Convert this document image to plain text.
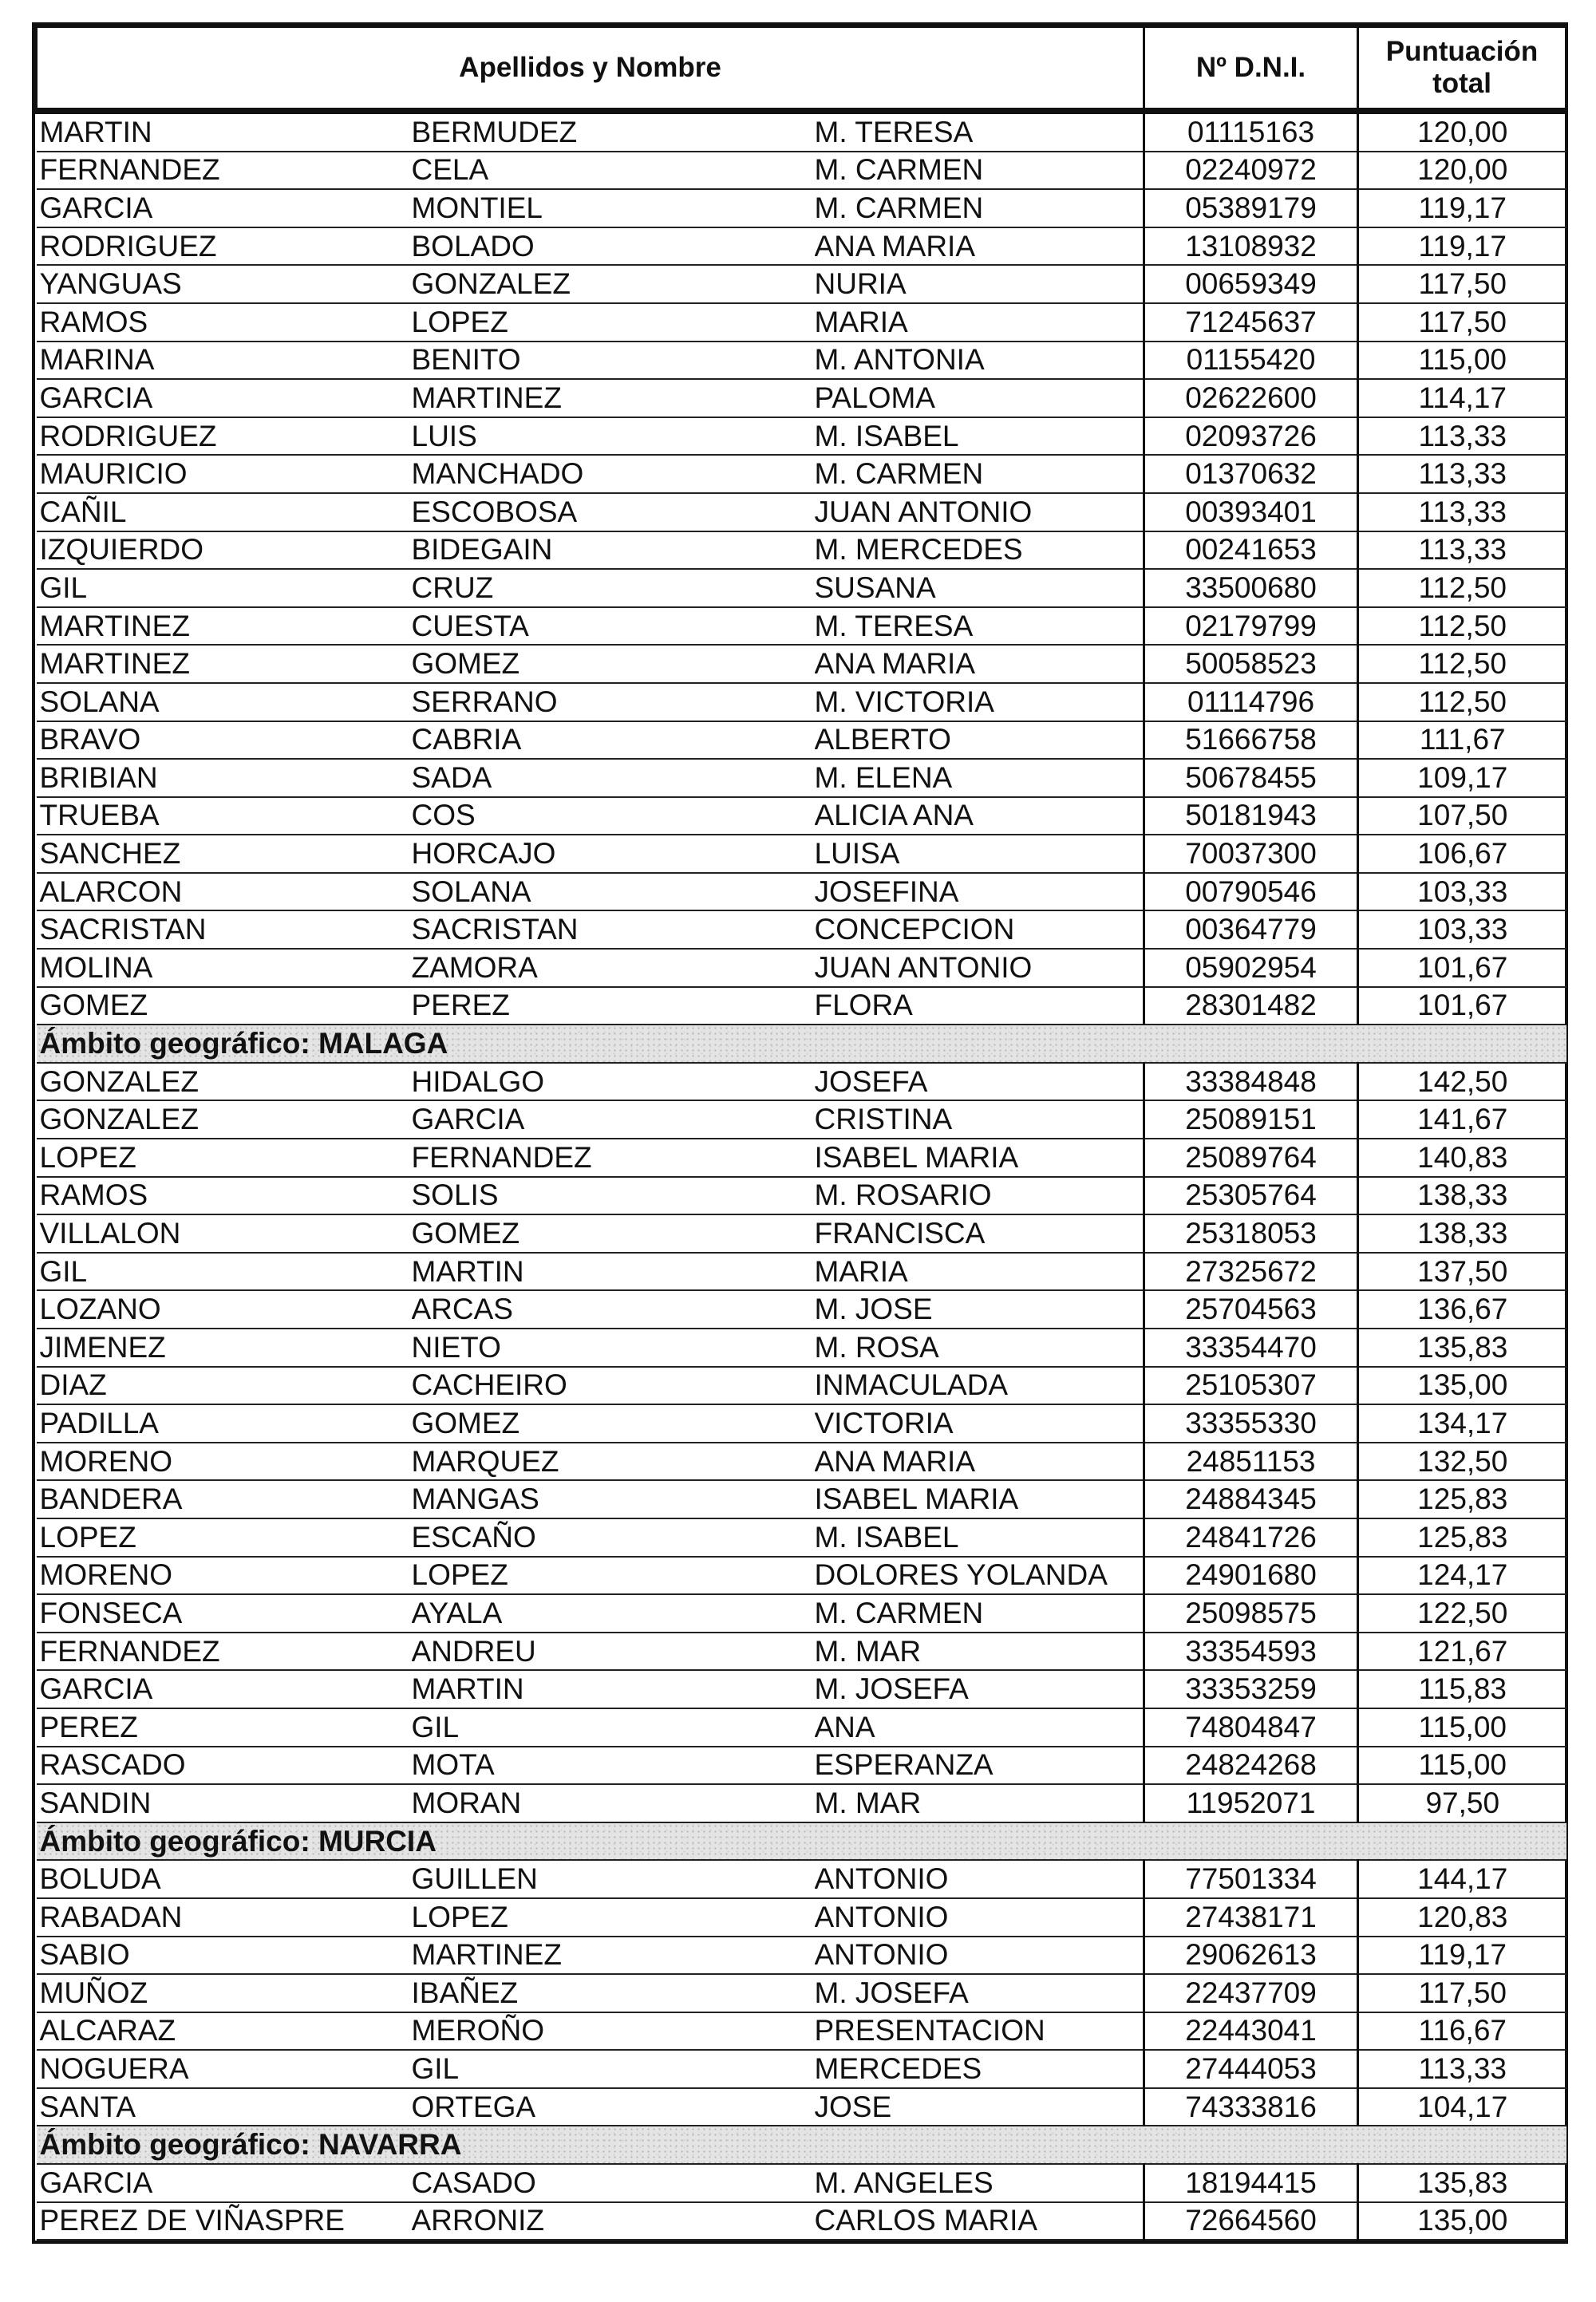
Apellidos y Nombre			Nº D.N.I.	Puntuación total
MARTIN	BERMUDEZ	M. TERESA	01115163	120,00
FERNANDEZ	CELA	M. CARMEN	02240972	120,00
GARCIA	MONTIEL	M. CARMEN	05389179	119,17
RODRIGUEZ	BOLADO	ANA MARIA	13108932	119,17
YANGUAS	GONZALEZ	NURIA	00659349	117,50
RAMOS	LOPEZ	MARIA	71245637	117,50
MARINA	BENITO	M. ANTONIA	01155420	115,00
GARCIA	MARTINEZ	PALOMA	02622600	114,17
RODRIGUEZ	LUIS	M. ISABEL	02093726	113,33
MAURICIO	MANCHADO	M. CARMEN	01370632	113,33
CAÑIL	ESCOBOSA	JUAN ANTONIO	00393401	113,33
IZQUIERDO	BIDEGAIN	M. MERCEDES	00241653	113,33
GIL	CRUZ	SUSANA	33500680	112,50
MARTINEZ	CUESTA	M. TERESA	02179799	112,50
MARTINEZ	GOMEZ	ANA MARIA	50058523	112,50
SOLANA	SERRANO	M. VICTORIA	01114796	112,50
BRAVO	CABRIA	ALBERTO	51666758	111,67
BRIBIAN	SADA	M. ELENA	50678455	109,17
TRUEBA	COS	ALICIA ANA	50181943	107,50
SANCHEZ	HORCAJO	LUISA	70037300	106,67
ALARCON	SOLANA	JOSEFINA	00790546	103,33
SACRISTAN	SACRISTAN	CONCEPCION	00364779	103,33
MOLINA	ZAMORA	JUAN ANTONIO	05902954	101,67
GOMEZ	PEREZ	FLORA	28301482	101,67
Ámbito geográfico: MALAGA				
GONZALEZ	HIDALGO	JOSEFA	33384848	142,50
GONZALEZ	GARCIA	CRISTINA	25089151	141,67
LOPEZ	FERNANDEZ	ISABEL MARIA	25089764	140,83
RAMOS	SOLIS	M. ROSARIO	25305764	138,33
VILLALON	GOMEZ	FRANCISCA	25318053	138,33
GIL	MARTIN	MARIA	27325672	137,50
LOZANO	ARCAS	M. JOSE	25704563	136,67
JIMENEZ	NIETO	M. ROSA	33354470	135,83
DIAZ	CACHEIRO	INMACULADA	25105307	135,00
PADILLA	GOMEZ	VICTORIA	33355330	134,17
MORENO	MARQUEZ	ANA MARIA	24851153	132,50
BANDERA	MANGAS	ISABEL MARIA	24884345	125,83
LOPEZ	ESCAÑO	M. ISABEL	24841726	125,83
MORENO	LOPEZ	DOLORES YOLANDA	24901680	124,17
FONSECA	AYALA	M. CARMEN	25098575	122,50
FERNANDEZ	ANDREU	M. MAR	33354593	121,67
GARCIA	MARTIN	M. JOSEFA	33353259	115,83
PEREZ	GIL	ANA	74804847	115,00
RASCADO	MOTA	ESPERANZA	24824268	115,00
SANDIN	MORAN	M. MAR	11952071	97,50
Ámbito geográfico: MURCIA				
BOLUDA	GUILLEN	ANTONIO	77501334	144,17
RABADAN	LOPEZ	ANTONIO	27438171	120,83
SABIO	MARTINEZ	ANTONIO	29062613	119,17
MUÑOZ	IBAÑEZ	M. JOSEFA	22437709	117,50
ALCARAZ	MEROÑO	PRESENTACION	22443041	116,67
NOGUERA	GIL	MERCEDES	27444053	113,33
SANTA	ORTEGA	JOSE	74333816	104,17
Ámbito geográfico: NAVARRA				
GARCIA	CASADO	M. ANGELES	18194415	135,83
PEREZ DE VIÑASPRE	ARRONIZ	CARLOS MARIA	72664560	135,00
